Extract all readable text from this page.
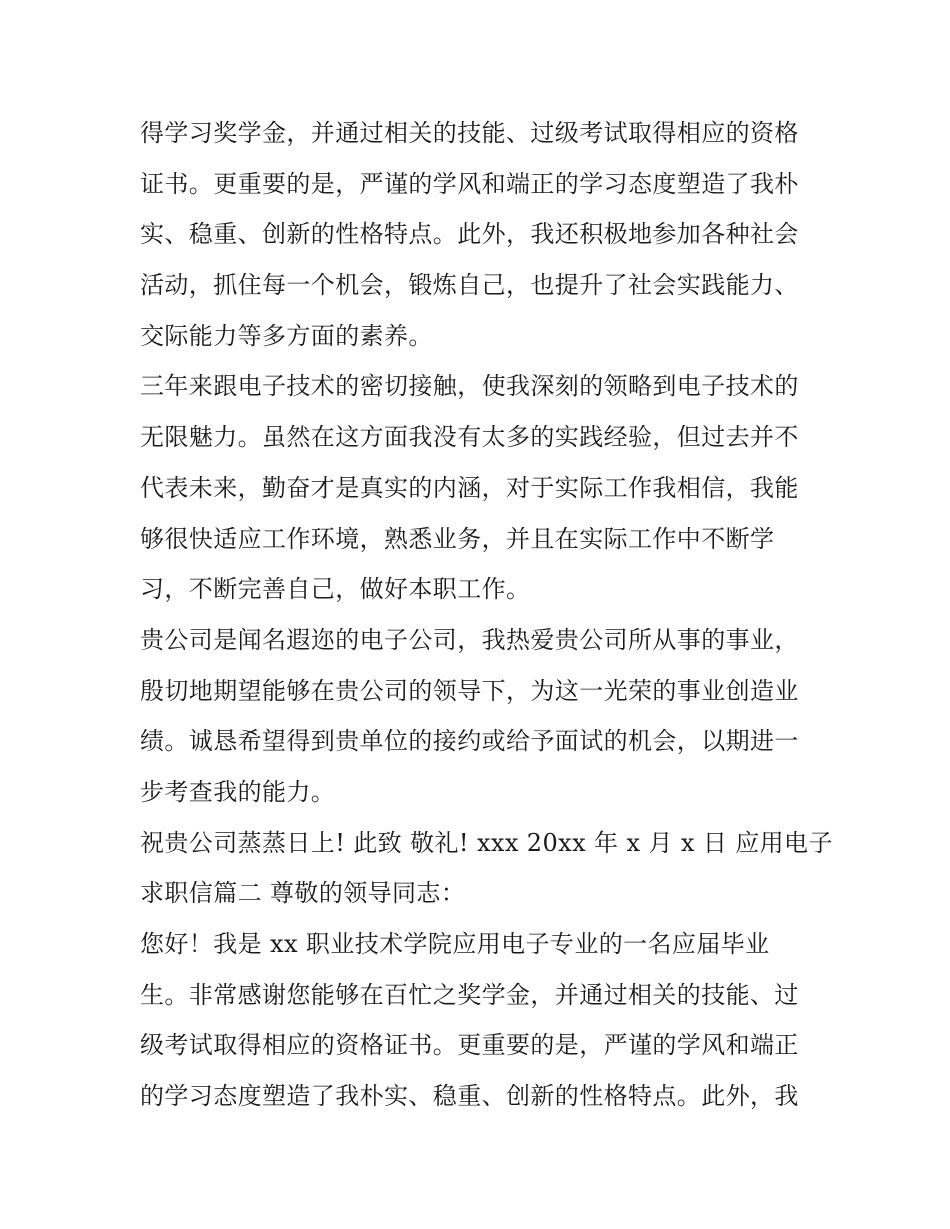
得学习奖学金，并通过相关的技能、过级考试取得相应的资格
证书。更重要的是，严谨的学风和端正的学习态度塑造了我朴
实、稳重、创新的性格特点。此外，我还积极地参加各种社会
活动，抓住每一个机会，锻炼自己，也提升了社会实践能力、
交际能力等多方面的素养。
三年来跟电子技术的密切接触，使我深刻的领略到电子技术的
无限魅力。虽然在这方面我没有太多的实践经验，但过去并不
代表未来，勤奋才是真实的内涵，对于实际工作我相信，我能
够很快适应工作环境，熟悉业务，并且在实际工作中不断学
习，不断完善自己，做好本职工作。
贵公司是闻名遐迩的电子公司，我热爱贵公司所从事的事业，
殷切地期望能够在贵公司的领导下，为这一光荣的事业创造业
绩。诚恳希望得到贵单位的接约或给予面试的机会，以期进一
步考查我的能力。
祝贵公司蒸蒸日上! 此致 敬礼! xxx 20xx 年 x 月 x 日 应用电子
求职信篇二 尊敬的领导同志：
您好！我是 xx 职业技术学院应用电子专业的一名应届毕业
生。非常感谢您能够在百忙之奖学金，并通过相关的技能、过
级考试取得相应的资格证书。更重要的是，严谨的学风和端正
的学习态度塑造了我朴实、稳重、创新的性格特点。此外，我
